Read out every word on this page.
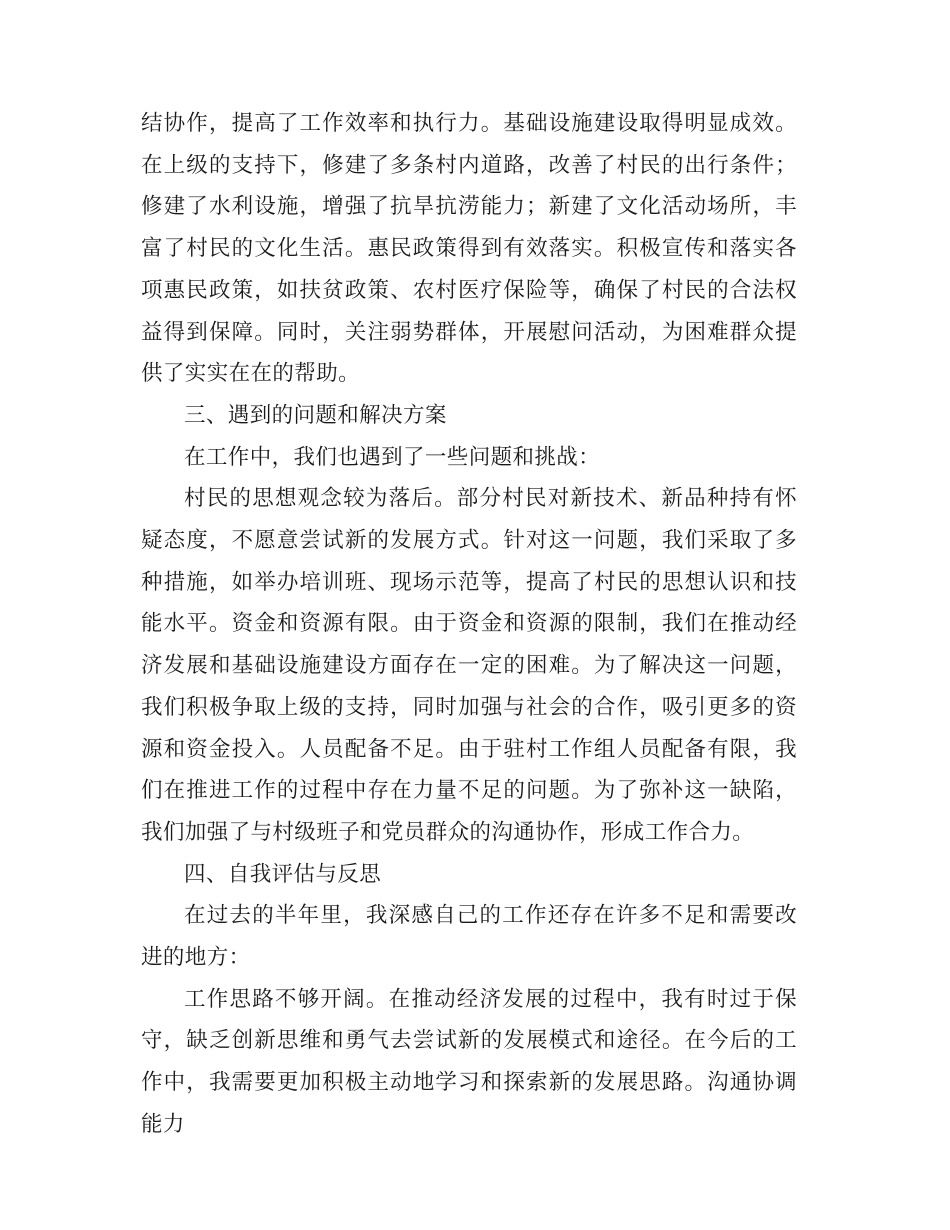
结协作，提高了工作效率和执行力。基础设施建设取得明显成效。在上级的支持下，修建了多条村内道路，改善了村民的出行条件；修建了水利设施，增强了抗旱抗涝能力；新建了文化活动场所，丰富了村民的文化生活。惠民政策得到有效落实。积极宣传和落实各项惠民政策，如扶贫政策、农村医疗保险等，确保了村民的合法权益得到保障。同时，关注弱势群体，开展慰问活动，为困难群众提供了实实在在的帮助。

三、遇到的问题和解决方案

在工作中，我们也遇到了一些问题和挑战：

村民的思想观念较为落后。部分村民对新技术、新品种持有怀疑态度，不愿意尝试新的发展方式。针对这一问题，我们采取了多种措施，如举办培训班、现场示范等，提高了村民的思想认识和技能水平。资金和资源有限。由于资金和资源的限制，我们在推动经济发展和基础设施建设方面存在一定的困难。为了解决这一问题，我们积极争取上级的支持，同时加强与社会的合作，吸引更多的资源和资金投入。人员配备不足。由于驻村工作组人员配备有限，我们在推进工作的过程中存在力量不足的问题。为了弥补这一缺陷，我们加强了与村级班子和党员群众的沟通协作，形成工作合力。

四、自我评估与反思

在过去的半年里，我深感自己的工作还存在许多不足和需要改进的地方：

工作思路不够开阔。在推动经济发展的过程中，我有时过于保守，缺乏创新思维和勇气去尝试新的发展模式和途径。在今后的工作中，我需要更加积极主动地学习和探索新的发展思路。沟通协调能力
